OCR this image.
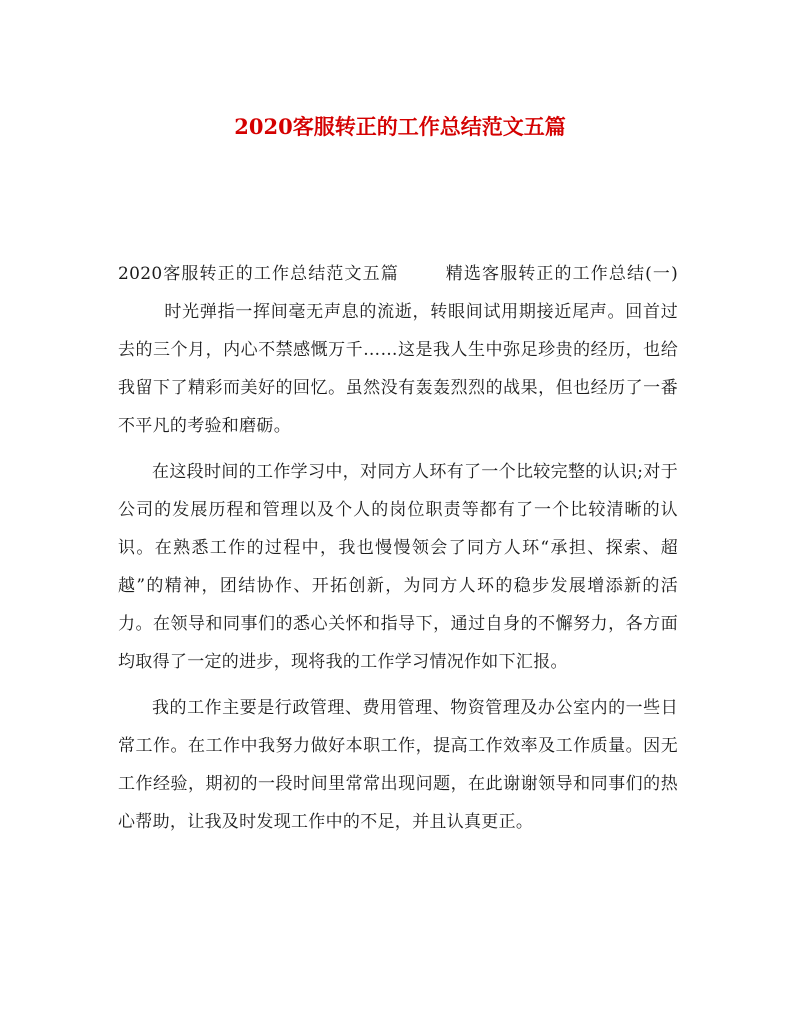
2020客服转正的工作总结范文五篇

2020客服转正的工作总结范文五篇	精选客服转正的工作总结(一)时光弹指一挥间毫无声息的流逝，转眼间试用期接近尾声。回首过去的三个月，内心不禁感慨万千……这是我人生中弥足珍贵的经历，也给我留下了精彩而美好的回忆。虽然没有轰轰烈烈的战果，但也经历了一番不平凡的考验和磨砺。

在这段时间的工作学习中，对同方人环有了一个比较完整的认识;对于公司的发展历程和管理以及个人的岗位职责等都有了一个比较清晰的认识。在熟悉工作的过程中，我也慢慢领会了同方人环“承担、探索、超越”的精神，团结协作、开拓创新，为同方人环的稳步发展增添新的活力。在领导和同事们的悉心关怀和指导下，通过自身的不懈努力，各方面均取得了一定的进步，现将我的工作学习情况作如下汇报。

我的工作主要是行政管理、费用管理、物资管理及办公室内的一些日常工作。在工作中我努力做好本职工作，提高工作效率及工作质量。因无工作经验，期初的一段时间里常常出现问题，在此谢谢领导和同事们的热心帮助，让我及时发现工作中的不足，并且认真更正。
